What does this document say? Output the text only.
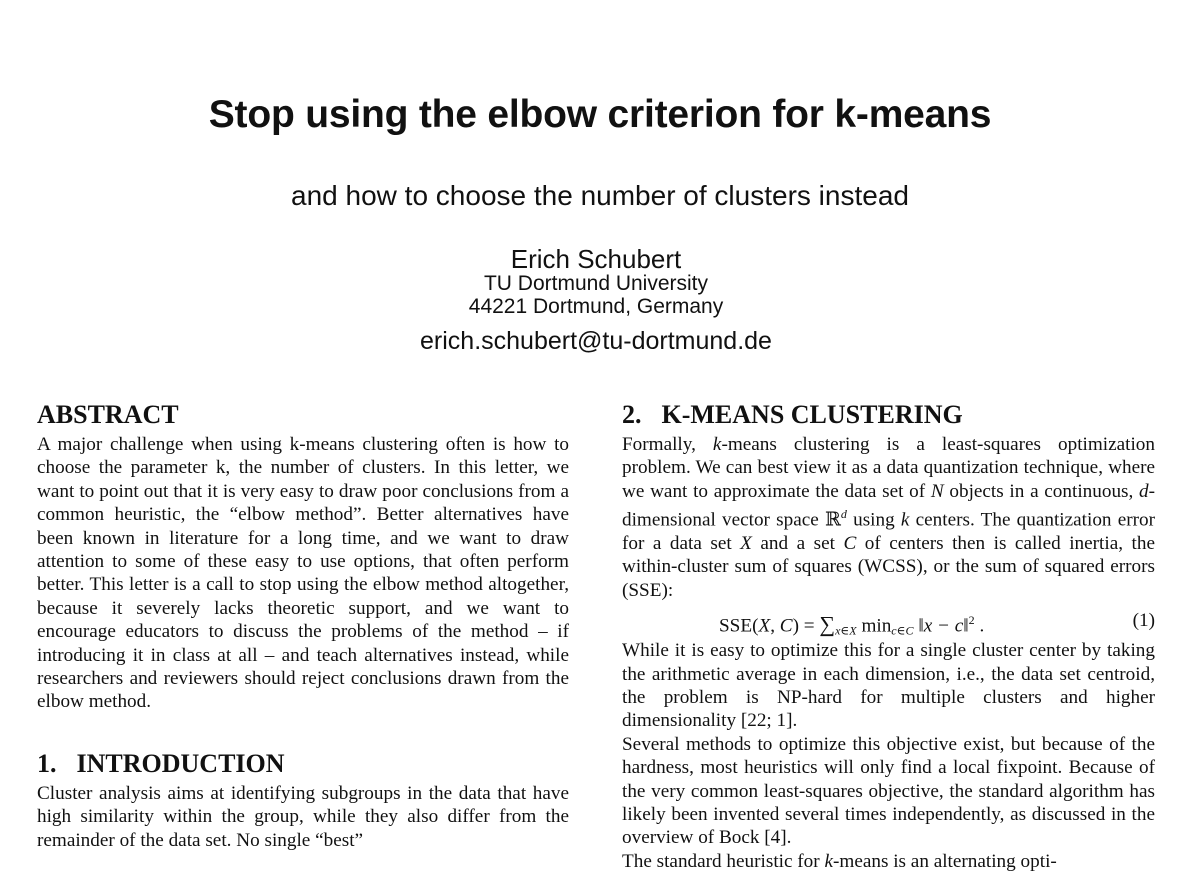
Stop using the elbow criterion for k-means
and how to choose the number of clusters instead
Erich Schubert
TU Dortmund University
44221 Dortmund, Germany
erich.schubert@tu-dortmund.de
ABSTRACT

A major challenge when using k-means clustering often is how to choose the parameter k, the number of clusters. In this letter, we want to point out that it is very easy to draw poor conclusions from a common heuristic, the “elbow method”. Better alternatives have been known in literature for a long time, and we want to draw attention to some of these easy to use options, that often perform better. This letter is a call to stop using the elbow method altogether, because it severely lacks theoretic support, and we want to encourage educators to discuss the problems of the method – if introducing it in class at all – and teach alternatives instead, while researchers and reviewers should reject conclusions drawn from the elbow method.

1. INTRODUCTION

Cluster analysis aims at identifying subgroups in the data that have high similarity within the group, while they also differ from the remainder of the data set. No single “best”

2. K-MEANS CLUSTERING

Formally, k-means clustering is a least-squares optimization problem. We can best view it as a data quantization technique, where we want to approximate the data set of N objects in a continuous, d-dimensional vector space ℝ$^d$ using k centers. The quantization error for a data set X and a set C of centers then is called inertia, the within-cluster sum of squares (WCSS), or the sum of squared errors (SSE):

SSE(X, $C) = \sum_{x\in X}$ $\min_{c\in C}$ ‖x − c‖$^2$ .	(1)

While it is easy to optimize this for a single cluster center by taking the arithmetic average in each dimension, i.e., the data set centroid, the problem is NP-hard for multiple clusters and higher dimensionality [22; 1].

Several methods to optimize this objective exist, but because of the hardness, most heuristics will only find a local fixpoint. Because of the very common least-squares objective, the standard algorithm has likely been invented several times independently, as discussed in the overview of Bock [4].

The standard heuristic for k-means is an alternating opti-
